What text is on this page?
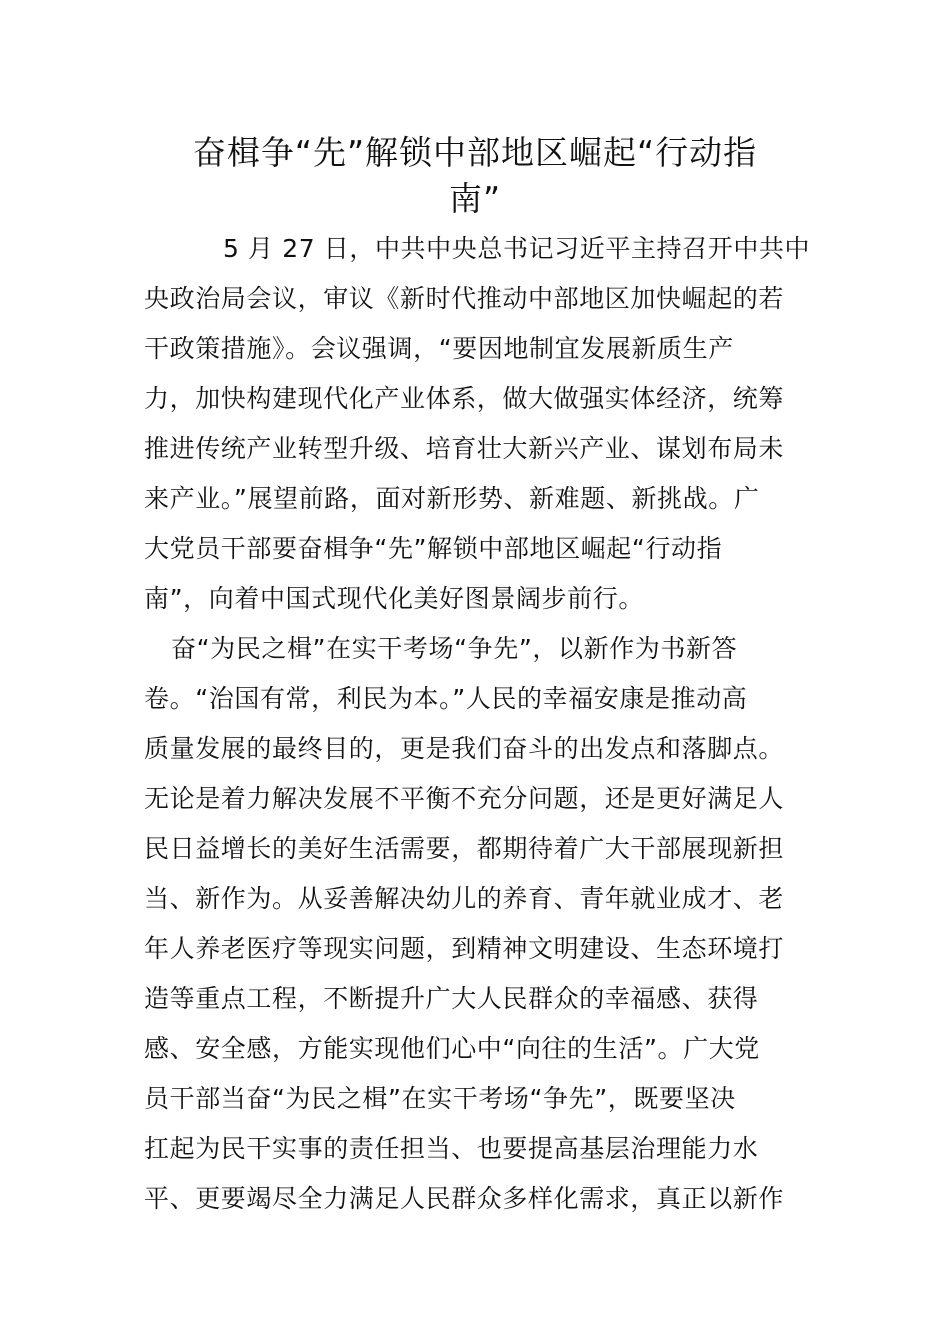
奋楫争“先”解锁中部地区崛起“行动指
南”
5 月 27 日，中共中央总书记习近平主持召开中共中
央政治局会议，审议《新时代推动中部地区加快崛起的若
干政策措施》。会议强调，“要因地制宜发展新质生产
力，加快构建现代化产业体系，做大做强实体经济，统筹
推进传统产业转型升级、培育壮大新兴产业、谋划布局未
来产业。”展望前路，面对新形势、新难题、新挑战。广
大党员干部要奋楫争“先”解锁中部地区崛起“行动指
南”，向着中国式现代化美好图景阔步前行。
奋“为民之楫”在实干考场“争先”，以新作为书新答
卷。“治国有常，利民为本。”人民的幸福安康是推动高
质量发展的最终目的，更是我们奋斗的出发点和落脚点。
无论是着力解决发展不平衡不充分问题，还是更好满足人
民日益增长的美好生活需要，都期待着广大干部展现新担
当、新作为。从妥善解决幼儿的养育、青年就业成才、老
年人养老医疗等现实问题，到精神文明建设、生态环境打
造等重点工程，不断提升广大人民群众的幸福感、获得
感、安全感，方能实现他们心中“向往的生活”。广大党
员干部当奋“为民之楫”在实干考场“争先”，既要坚决
扛起为民干实事的责任担当、也要提高基层治理能力水
平、更要竭尽全力满足人民群众多样化需求，真正以新作
